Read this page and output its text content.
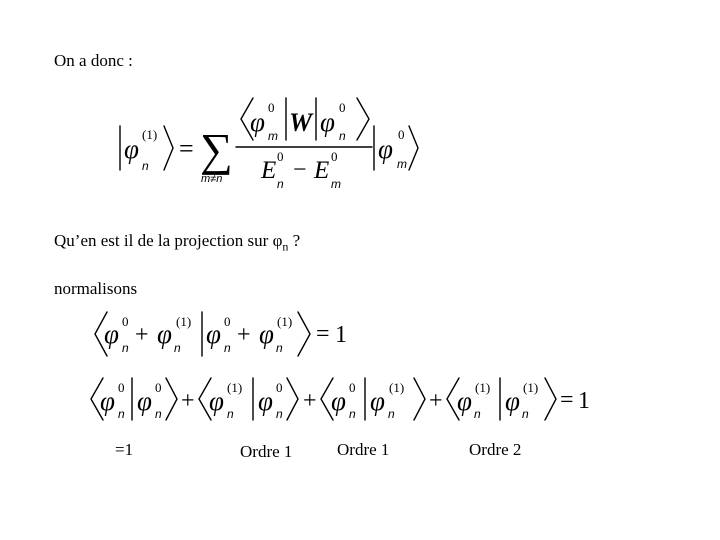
On a donc :
φ (1)
n
= ∑
m≠n
φ 0
m W φ 0
n
E
0
n
− E
0
m
φ 0
m
Qu’en est il de la projection sur $\varphi_n$ ?
normalisons
φ 0
n + φ (1)
n φ 0
n + φ (1)
n
= 1
φ 0
n φ 0
n + φ (1)
n φ 0
n + φ 0
n φ (1)
n + φ (1)
n φ (1)
n
= 1
=1	Ordre 1	Ordre 1	Ordre 2
